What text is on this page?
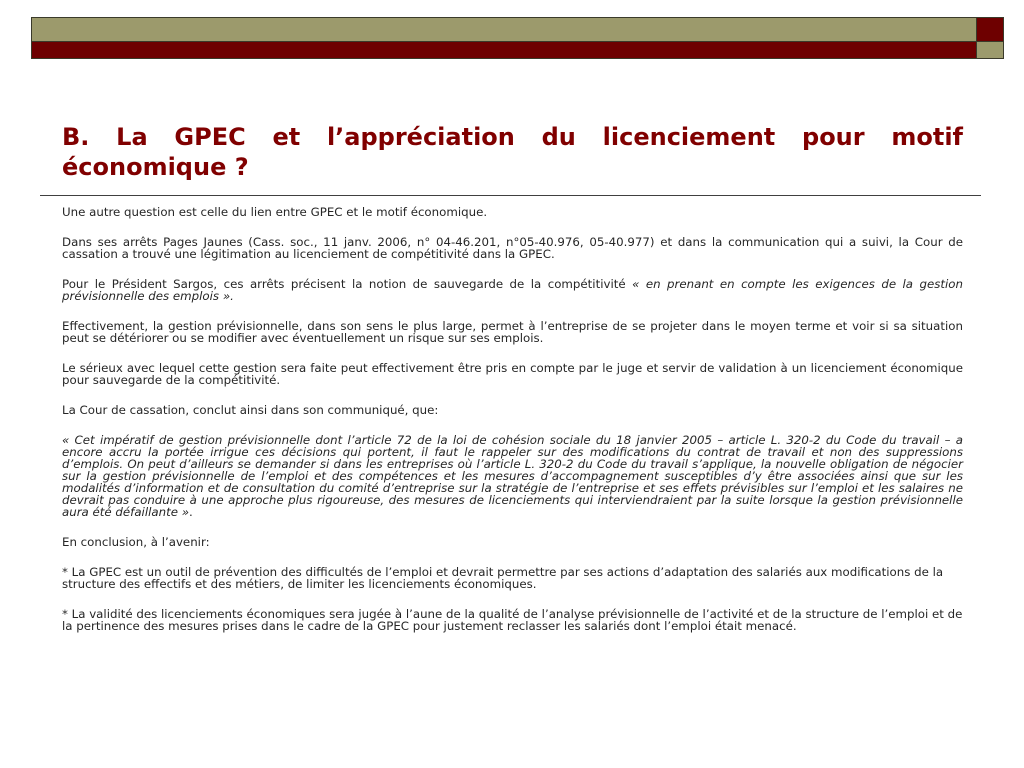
B. La GPEC et l’appréciation du licenciement pour motif économique ?

Une autre question est celle du lien entre GPEC et le motif économique.

Dans ses arrêts Pages Jaunes (Cass. soc., 11 janv. 2006, n° 04-46.201, n°05-40.976, 05-40.977) et dans la communication qui a suivi, la Cour de cassation a trouvé une légitimation au licenciement de compétitivité dans la GPEC.

Pour le Président Sargos, ces arrêts précisent la notion de sauvegarde de la compétitivité « en prenant en compte les exigences de la gestion prévisionnelle des emplois ».

Effectivement, la gestion prévisionnelle, dans son sens le plus large, permet à l’entreprise de se projeter dans le moyen terme et voir si sa situation peut se détériorer ou se modifier avec éventuellement un risque sur ses emplois.

Le sérieux avec lequel cette gestion sera faite peut effectivement être pris en compte par le juge et servir de validation à un licenciement économique pour sauvegarde de la compétitivité.

La Cour de cassation, conclut ainsi dans son communiqué, que:

« Cet impératif de gestion prévisionnelle dont l’article 72 de la loi de cohésion sociale du 18 janvier 2005 – article L. 320-2 du Code du travail – a encore accru la portée irrigue ces décisions qui portent, il faut le rappeler sur des modifications du contrat de travail et non des suppressions d’emplois. On peut d’ailleurs se demander si dans les entreprises où l’article L. 320-2 du Code du travail s’applique, la nouvelle obligation de négocier sur la gestion prévisionnelle de l’emploi et des compétences et les mesures d’accompagnement susceptibles d’y être associées ainsi que sur les modalités d’information et de consultation du comité d’entreprise sur la stratégie de l’entreprise et ses effets prévisibles sur l’emploi et les salaires ne devrait pas conduire à une approche plus rigoureuse, des mesures de licenciements qui interviendraient par la suite lorsque la gestion prévisionnelle aura été défaillante ».

En conclusion, à l’avenir:

* La GPEC est un outil de prévention des difficultés de l’emploi et devrait permettre par ses actions d’adaptation des salariés aux modifications de la structure des effectifs et des métiers, de limiter les licenciements économiques.

* La validité des licenciements économiques sera jugée à l’aune de la qualité de l’analyse prévisionnelle de l’activité et de la structure de l’emploi et de la pertinence des mesures prises dans le cadre de la GPEC pour justement reclasser les salariés dont l’emploi était menacé.
